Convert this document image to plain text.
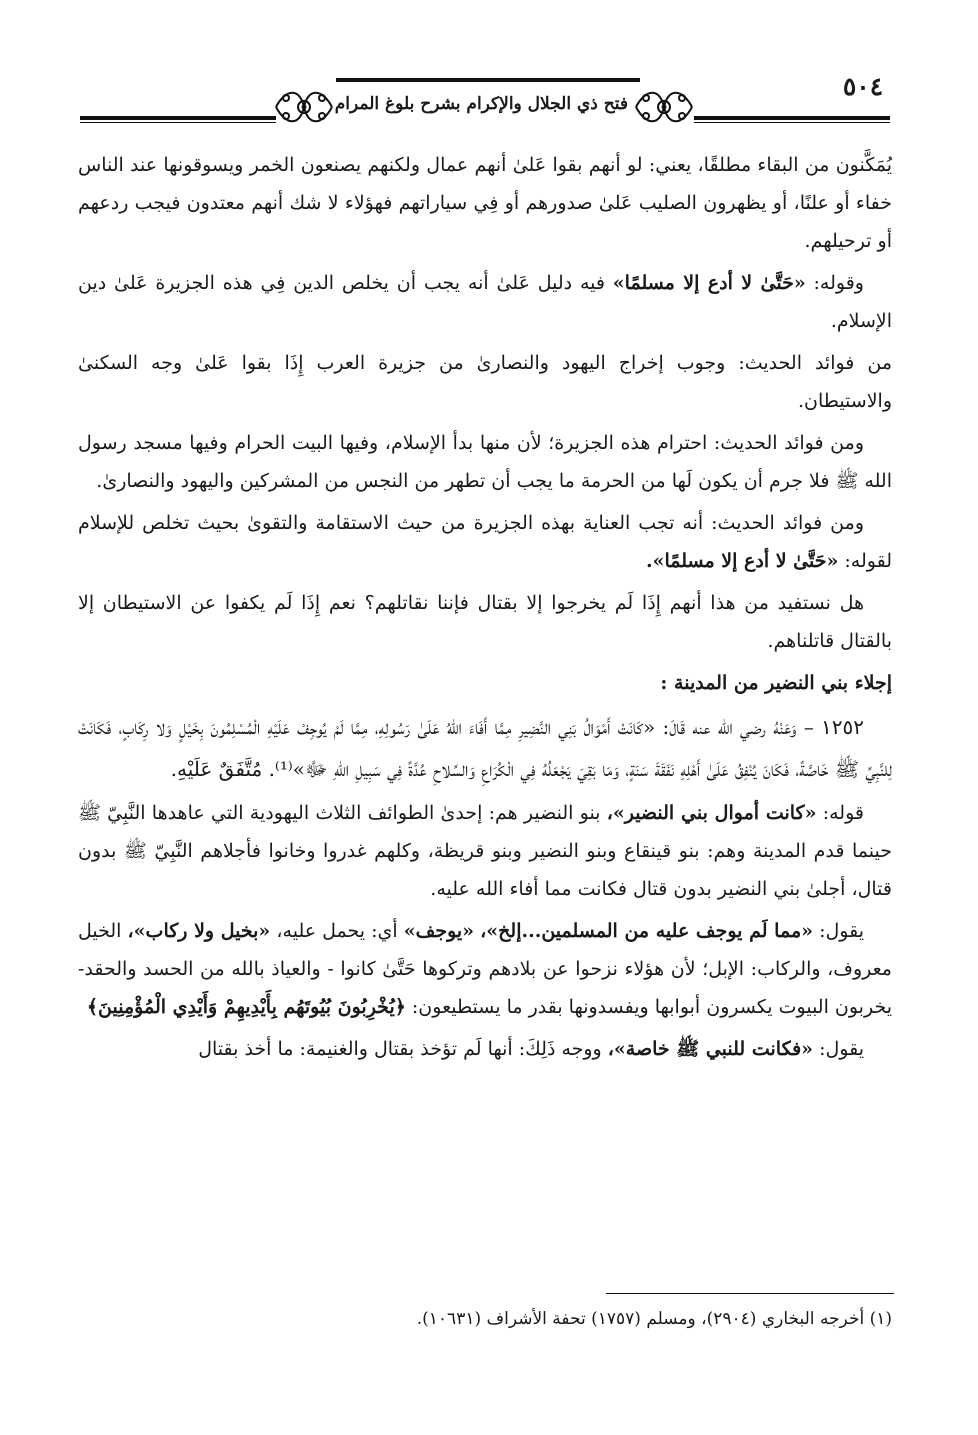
فتح ذي الجلال والإكرام بشرح بلوغ المرام
٥٠٤

يُمَكَّنون من البقاء مطلقًا، يعني: لو أنهم بقوا عَلىٰ أنهم عمال ولكنهم يصنعون الخمر ويسوقونها عند الناس خفاء أو علنًا، أو يظهرون الصليب عَلىٰ صدورهم أو فِي سياراتهم فهؤلاء لا شك أنهم معتدون فيجب ردعهم أو ترحيلهم.

وقوله: «حَتَّىٰ لا أدع إلا مسلمًا» فيه دليل عَلىٰ أنه يجب أن يخلص الدين فِي هذه الجزيرة عَلىٰ دين الإسلام.

من فوائد الحديث: وجوب إخراج اليهود والنصارىٰ من جزيرة العرب إِذَا بقوا عَلىٰ وجه السكنىٰ والاستيطان.

ومن فوائد الحديث: احترام هذه الجزيرة؛ لأن منها بدأ الإسلام، وفيها البيت الحرام وفيها مسجد رسول الله ﷺ فلا جرم أن يكون لَها من الحرمة ما يجب أن تطهر من النجس من المشركين واليهود والنصارىٰ.

ومن فوائد الحديث: أنه تجب العناية بهذه الجزيرة من حيث الاستقامة والتقوىٰ بحيث تخلص للإسلام لقوله: «حَتَّىٰ لا أدع إلا مسلمًا».

هل نستفيد من هذا أنهم إِذَا لَم يخرجوا إلا بقتال فإننا نقاتلهم؟ نعم إِذَا لَم يكفوا عن الاستيطان إلا بالقتال قاتلناهم.

إجلاء بني النضير من المدينة :

١٢٥٢ – وَعَنْهُ رضي الله عنه قَالَ: «كَانَتْ أَمْوَالُ بَنِي النَّضِيرِ مِمَّا أَفَاءَ اللهُ عَلَىٰ رَسُولِهِ، مِمَّا لَمْ يُوجِفْ عَلَيْهِ الْمُسْلِمُونَ بِخَيْلٍ وَلا رِكَابٍ، فَكَانَتْ لِلنَّبِيِّ ﷺ خَاصَّةً، فَكَانَ يُنْفِقُ عَلَىٰ أَهْلِهِ نَفَقَةَ سَنَةٍ، وَمَا بَقِيَ يَجْعَلُهُ فِي الْكُرَاعِ وَالسِّلاحِ عُدَّةً فِي سَبِيلِ اللهِ ﷻ»⁽¹⁾. مُتَّفَقٌ عَلَيْهِ.

قوله: «كانت أموال بني النضير»، بنو النضير هم: إحدىٰ الطوائف الثلاث اليهودية التي عاهدها النَّبِيّ ﷺ حينما قدم المدينة وهم: بنو قينقاع وبنو النضير وبنو قريظة، وكلهم غدروا وخانوا فأجلاهم النَّبِيّ ﷺ بدون قتال، أجلىٰ بني النضير بدون قتال فكانت مما أفاء الله عليه.

يقول: «مما لَم يوجف عليه من المسلمين...إلخ»، «يوجف» أي: يحمل عليه، «بخيل ولا ركاب»، الخيل معروف، والركاب: الإبل؛ لأن هؤلاء نزحوا عن بلادهم وتركوها حَتَّىٰ كانوا - والعياذ بالله من الحسد والحقد- يخربون البيوت يكسرون أبوابها ويفسدونها بقدر ما يستطيعون: ﴿يُخْرِبُونَ بُيُوتَهُم بِأَيْدِيهِمْ وَأَيْدِي الْمُؤْمِنِينَ﴾

يقول: «فكانت للنبي ﷺ خاصة»، ووجه ذَلِكَ: أنها لَم تؤخذ بقتال والغنيمة: ما أخذ بقتال

(١) أخرجه البخاري (٢٩٠٤)، ومسلم (١٧٥٧) تحفة الأشراف (١٠٦٣١).
